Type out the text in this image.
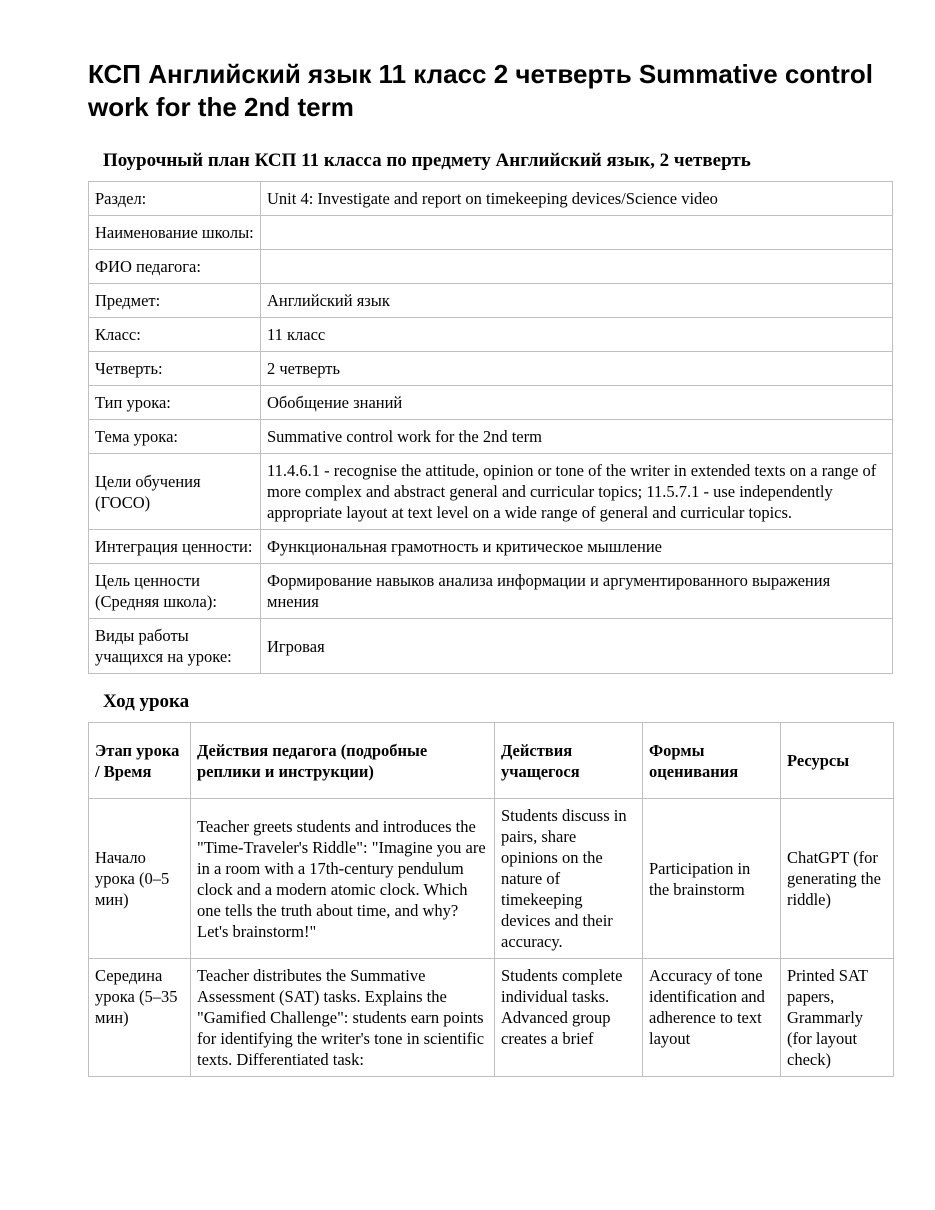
КСП Английский язык 11 класс 2 четверть Summative control work for the 2nd term
Поурочный план КСП 11 класса по предмету Английский язык, 2 четверть
Раздел:	Unit 4: Investigate and report on timekeeping devices/Science video
Наименование школы:	
ФИО педагога:	
Предмет:	Английский язык
Класс:	11 класс
Четверть:	2 четверть
Тип урока:	Обобщение знаний
Тема урока:	Summative control work for the 2nd term
Цели обучения (ГОСО)	11.4.6.1 - recognise the attitude, opinion or tone of the writer in extended texts on a range of more complex and abstract general and curricular topics; 11.5.7.1 - use independently appropriate layout at text level on a wide range of general and curricular topics.
Интеграция ценности:	Функциональная грамотность и критическое мышление
Цель ценности (Средняя школа):	Формирование навыков анализа информации и аргументированного выражения мнения
Виды работы учащихся на уроке:	Игровая
Ход урока
Этап урока / Время	Действия педагога (подробные реплики и инструкции)	Действия учащегося	Формы оценивания	Ресурсы
Начало урока (0–5 мин)	Teacher greets students and introduces the "Time-Traveler's Riddle": "Imagine you are in a room with a 17th-century pendulum clock and a modern atomic clock. Which one tells the truth about time, and why? Let's brainstorm!"	Students discuss in pairs, share opinions on the nature of timekeeping devices and their accuracy.	Participation in the brainstorm	ChatGPT (for generating the riddle)
Середина урока (5–35 мин)	Teacher distributes the Summative Assessment (SAT) tasks. Explains the "Gamified Challenge": students earn points for identifying the writer's tone in scientific texts. Differentiated task:	Students complete individual tasks. Advanced group creates a brief	Accuracy of tone identification and adherence to text layout	Printed SAT papers, Grammarly (for layout check)
